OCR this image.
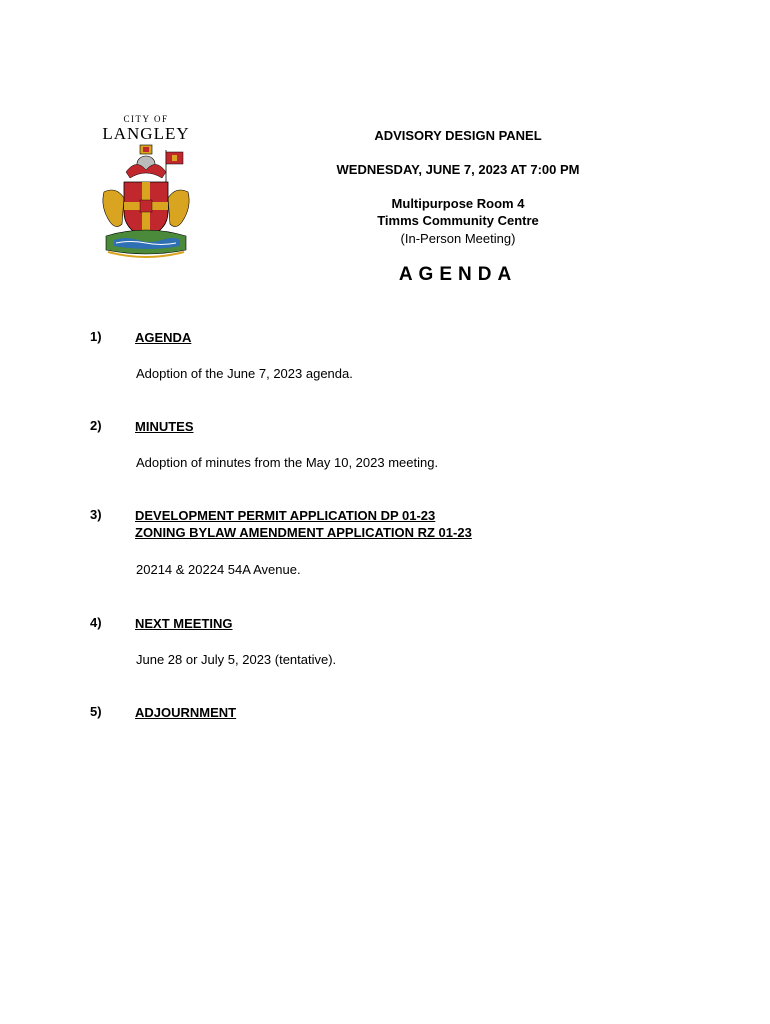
CITY OF
LANGLEY	ADVISORY DESIGN PANEL
WEDNESDAY, JUNE 7, 2023 AT 7:00 PM
Multipurpose Room 4
Timms Community Centre
(In-Person Meeting)
AGENDA
1)	AGENDA
Adoption of the June 7, 2023 agenda.
2)	MINUTES
Adoption of minutes from the May 10, 2023 meeting.
3)	DEVELOPMENT PERMIT APPLICATION DP 01-23
ZONING BYLAW AMENDMENT APPLICATION RZ 01-23
20214 & 20224 54A Avenue.
4)	NEXT MEETING
June 28 or July 5, 2023 (tentative).
5)	ADJOURNMENT
